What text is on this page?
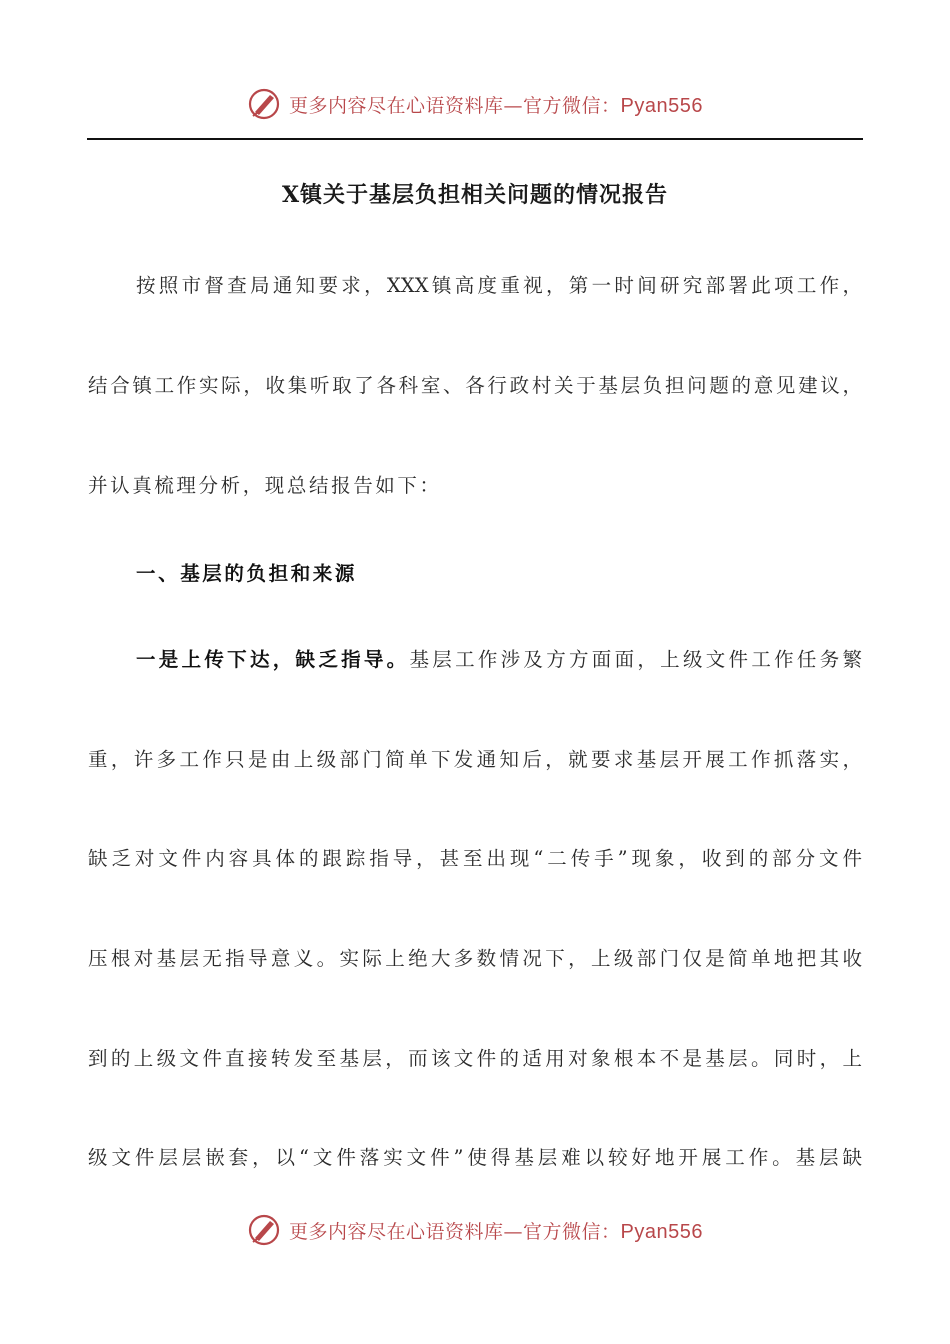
更多内容尽在心语资料库—官方微信：Pyan556
X镇关于基层负担相关问题的情况报告
按照市督查局通知要求，XXX镇高度重视，第一时间研究部署此项工作，
结合镇工作实际，收集听取了各科室、各行政村关于基层负担问题的意见建议，
并认真梳理分析，现总结报告如下：
一、基层的负担和来源
一是上传下达，缺乏指导。基层工作涉及方方面面，上级文件工作任务繁
重，许多工作只是由上级部门简单下发通知后，就要求基层开展工作抓落实，
缺乏对文件内容具体的跟踪指导，甚至出现“二传手”现象，收到的部分文件
压根对基层无指导意义。实际上绝大多数情况下，上级部门仅是简单地把其收
到的上级文件直接转发至基层，而该文件的适用对象根本不是基层。同时，上
级文件层层嵌套，以“文件落实文件”使得基层难以较好地开展工作。基层缺
更多内容尽在心语资料库—官方微信：Pyan556
